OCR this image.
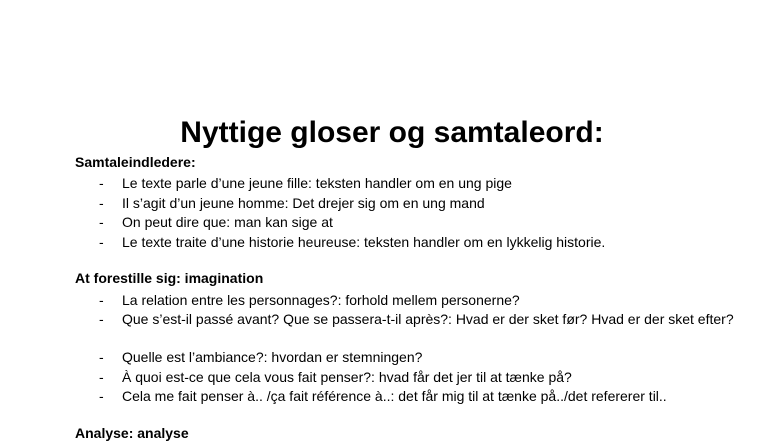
Nyttige gloser og samtaleord:
Samtaleindledere:
-	Le texte parle d’une jeune fille: teksten handler om en ung pige
-	Il s’agit d’un jeune homme: Det drejer sig om en ung mand
-	On peut dire que: man kan sige at
-	Le texte traite d’une historie heureuse: teksten handler om en lykkelig historie.
At forestille sig: imagination
-	La relation entre les personnages?: forhold mellem personerne?
-	Que s’est-il passé avant? Que se passera-t-il après?: Hvad er der sket før? Hvad er der sket efter?
-	Quelle est l’ambiance?: hvordan er stemningen?
-	À quoi est-ce que cela vous fait penser?: hvad får det jer til at tænke på?
-	Cela me fait penser à.. /ça fait référence à..: det får mig til at tænke på../det refererer til..
Analyse: analyse
